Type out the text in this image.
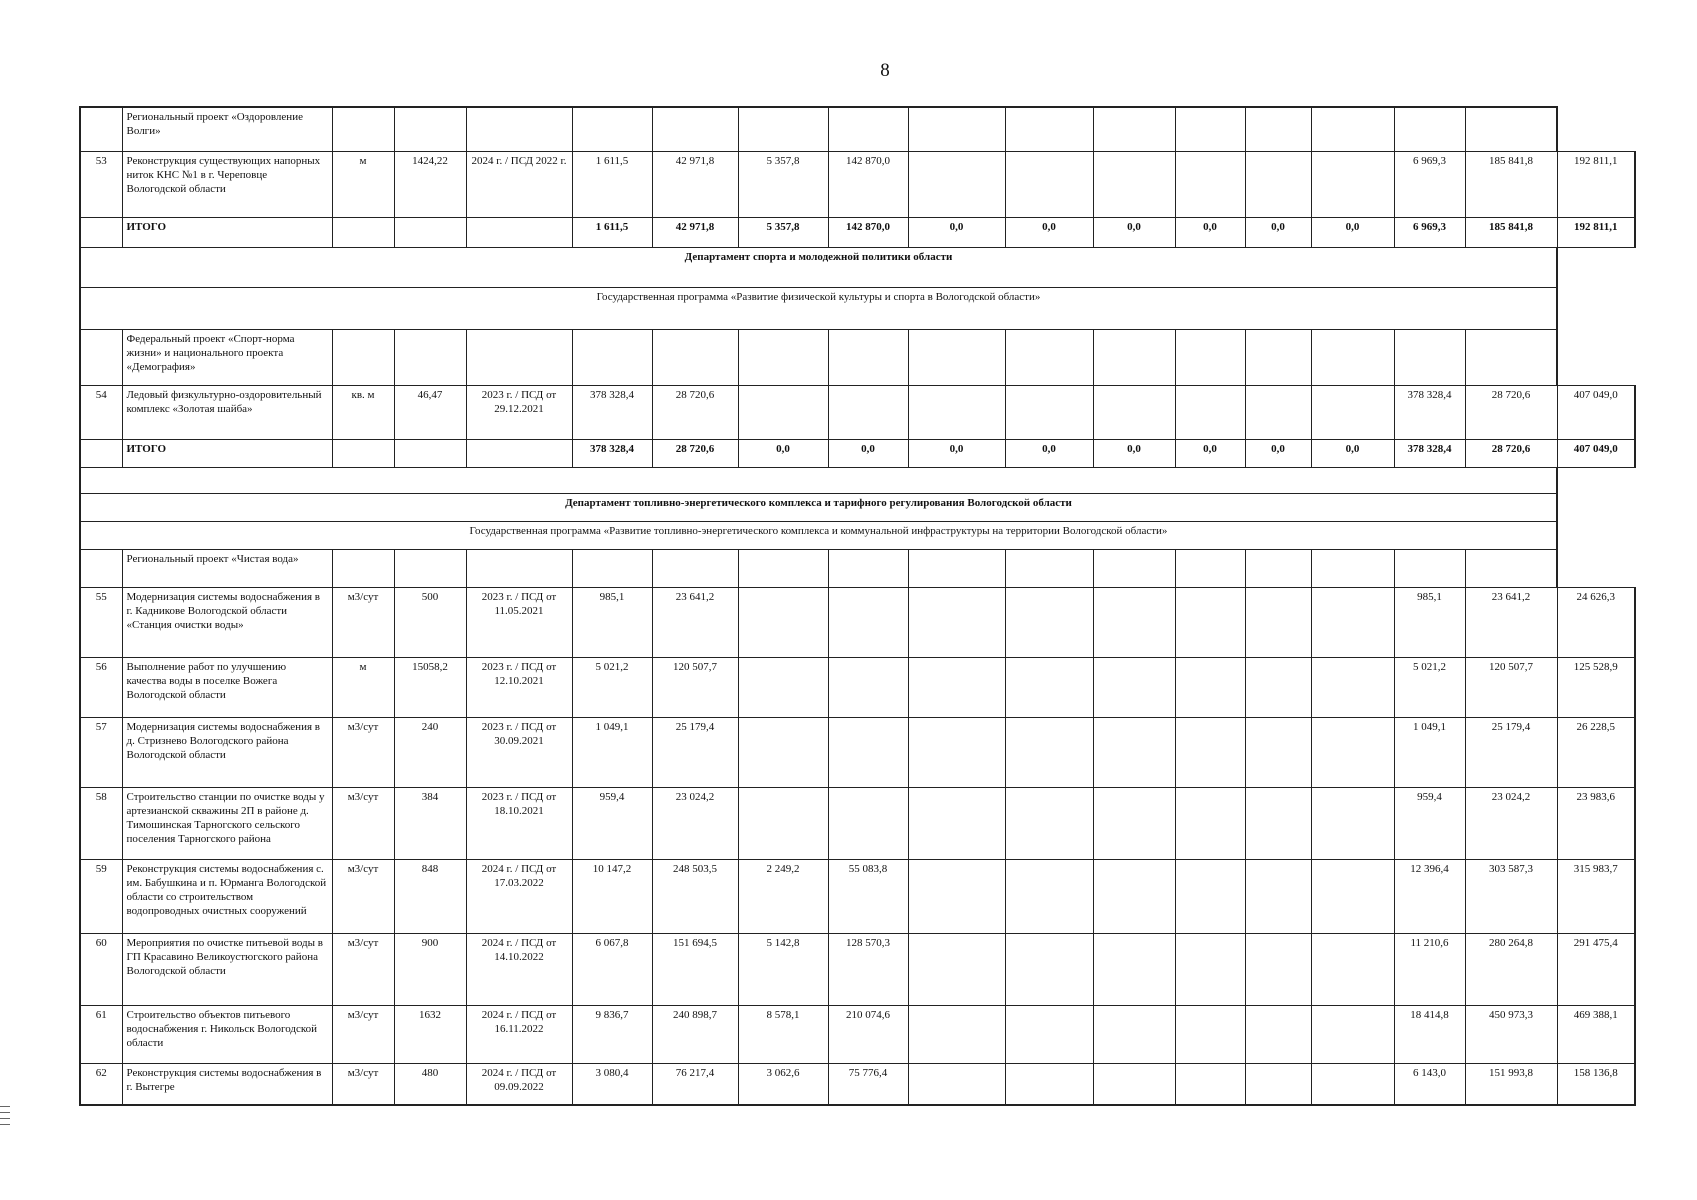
8
	Региональный проект «Оздоровление Волги»																
53	Реконструкция существующих напорных ниток КНС №1 в г. Череповце Вологодской области	м	1424,22	2024 г. / ПСД 2022 г.	1 611,5	42 971,8	5 357,8	142 870,0							6 969,3	185 841,8	192 811,1
	ИТОГО				1 611,5	42 971,8	5 357,8	142 870,0	0,0	0,0	0,0	0,0	0,0	0,0	6 969,3	185 841,8	192 811,1
Департамент спорта и молодежной политики области																	
Государственная программа «Развитие физической культуры и спорта в Вологодской области»																	
	Федеральный проект «Спорт-норма жизни» и национального проекта «Демография»																
54	Ледовый физкультурно-оздоровительный комплекс «Золотая шайба»	кв. м	46,47	2023 г. / ПСД от 29.12.2021	378 328,4	28 720,6									378 328,4	28 720,6	407 049,0
	ИТОГО				378 328,4	28 720,6	0,0	0,0	0,0	0,0	0,0	0,0	0,0	0,0	378 328,4	28 720,6	407 049,0

Департамент топливно-энергетического комплекса и тарифного регулирования Вологодской области																	
Государственная программа «Развитие топливно-энергетического комплекса и коммунальной инфраструктуры на территории Вологодской области»																	
	Региональный проект «Чистая вода»																
55	Модернизация системы водоснабжения в г. Кадникове Вологодской области «Станция очистки воды»	м3/сут	500	2023 г. / ПСД от 11.05.2021	985,1	23 641,2									985,1	23 641,2	24 626,3
56	Выполнение работ по улучшению качества воды в поселке Вожега Вологодской области	м	15058,2	2023 г. / ПСД от 12.10.2021	5 021,2	120 507,7									5 021,2	120 507,7	125 528,9
57	Модернизация системы водоснабжения в д. Стризнево Вологодского района Вологодской области	м3/сут	240	2023 г. / ПСД от 30.09.2021	1 049,1	25 179,4									1 049,1	25 179,4	26 228,5
58	Строительство станции по очистке воды у артезианской скважины 2П в районе д. Тимошинская Тарногского сельского поселения Тарногского района	м3/сут	384	2023 г. / ПСД от 18.10.2021	959,4	23 024,2									959,4	23 024,2	23 983,6
59	Реконструкция системы водоснабжения с. им. Бабушкина и п. Юрманга Вологодской области со строительством водопроводных очистных сооружений	м3/сут	848	2024 г. / ПСД от 17.03.2022	10 147,2	248 503,5	2 249,2	55 083,8							12 396,4	303 587,3	315 983,7
60	Мероприятия по очистке питьевой воды в ГП Красавино Великоустюгского района Вологодской области	м3/сут	900	2024 г. / ПСД от 14.10.2022	6 067,8	151 694,5	5 142,8	128 570,3							11 210,6	280 264,8	291 475,4
61	Строительство объектов питьевого водоснабжения г. Никольск Вологодской области	м3/сут	1632	2024 г. / ПСД от 16.11.2022	9 836,7	240 898,7	8 578,1	210 074,6							18 414,8	450 973,3	469 388,1
62	Реконструкция системы водоснабжения в г. Вытегре	м3/сут	480	2024 г. / ПСД от 09.09.2022	3 080,4	76 217,4	3 062,6	75 776,4							6 143,0	151 993,8	158 136,8
